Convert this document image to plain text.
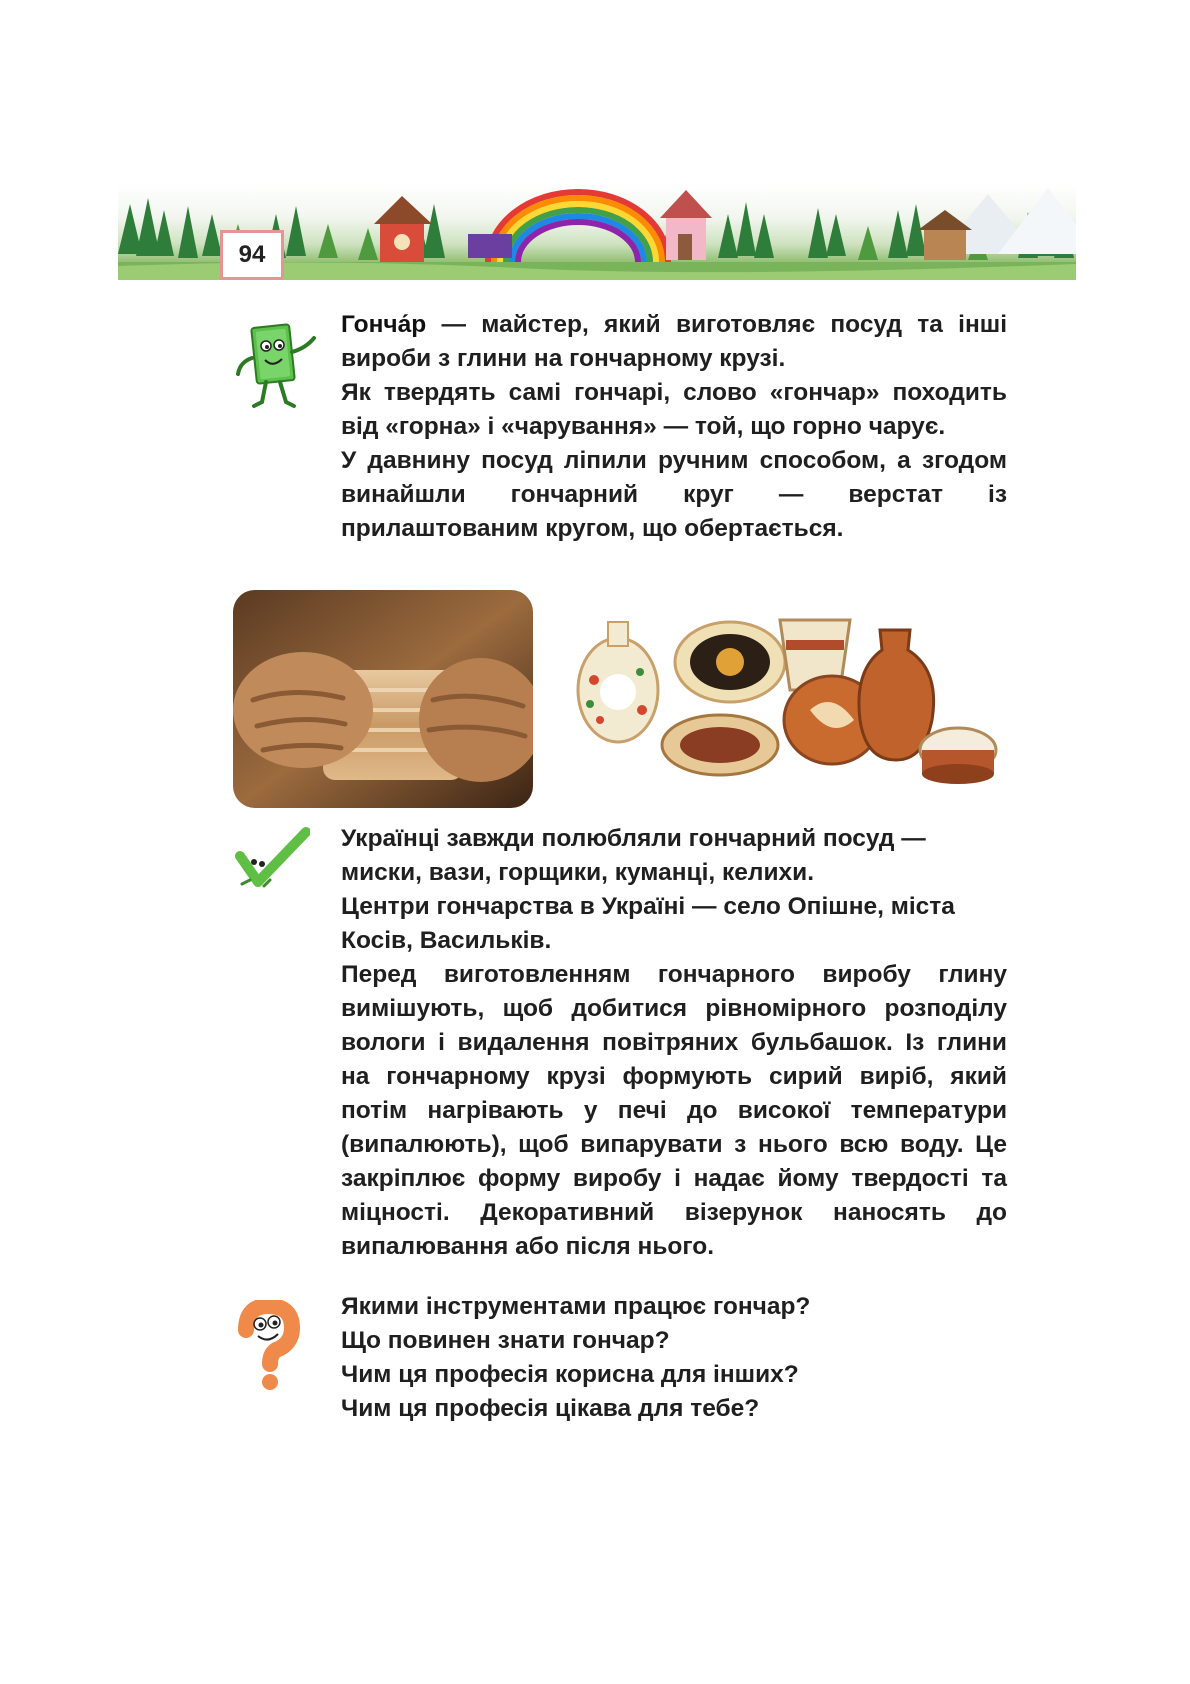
94

Гонча́р — майстер, який виготовляє посуд та інші вироби з глини на гончарному крузі.

Як твердять самі гончарі, слово «гончар» походить від «горна» і «чарування» — той, що горно чарує.

У давнину посуд ліпили ручним способом, а згодом винайшли гончарний круг — верстат із прилаштованим кругом, що обертається.

Українці завжди полюбляли гончарний посуд — миски, вази, горщики, куманці, келихи.

Центри гончарства в Україні — село Опішне, міста Косів, Васильків.

Перед виготовленням гончарного виробу глину вимішують, щоб добитися рівномірного розподілу вологи і видалення повітряних бульбашок. Із глини на гончарному крузі формують сирий виріб, який потім нагрівають у печі до високої температури (випалюють), щоб випарувати з нього всю воду. Це закріплює форму виробу і надає йому твердості та міцності. Декоративний візерунок наносять до випалювання або після нього.

Якими інструментами працює гончар?

Що повинен знати гончар?

Чим ця професія корисна для інших?

Чим ця професія цікава для тебе?
